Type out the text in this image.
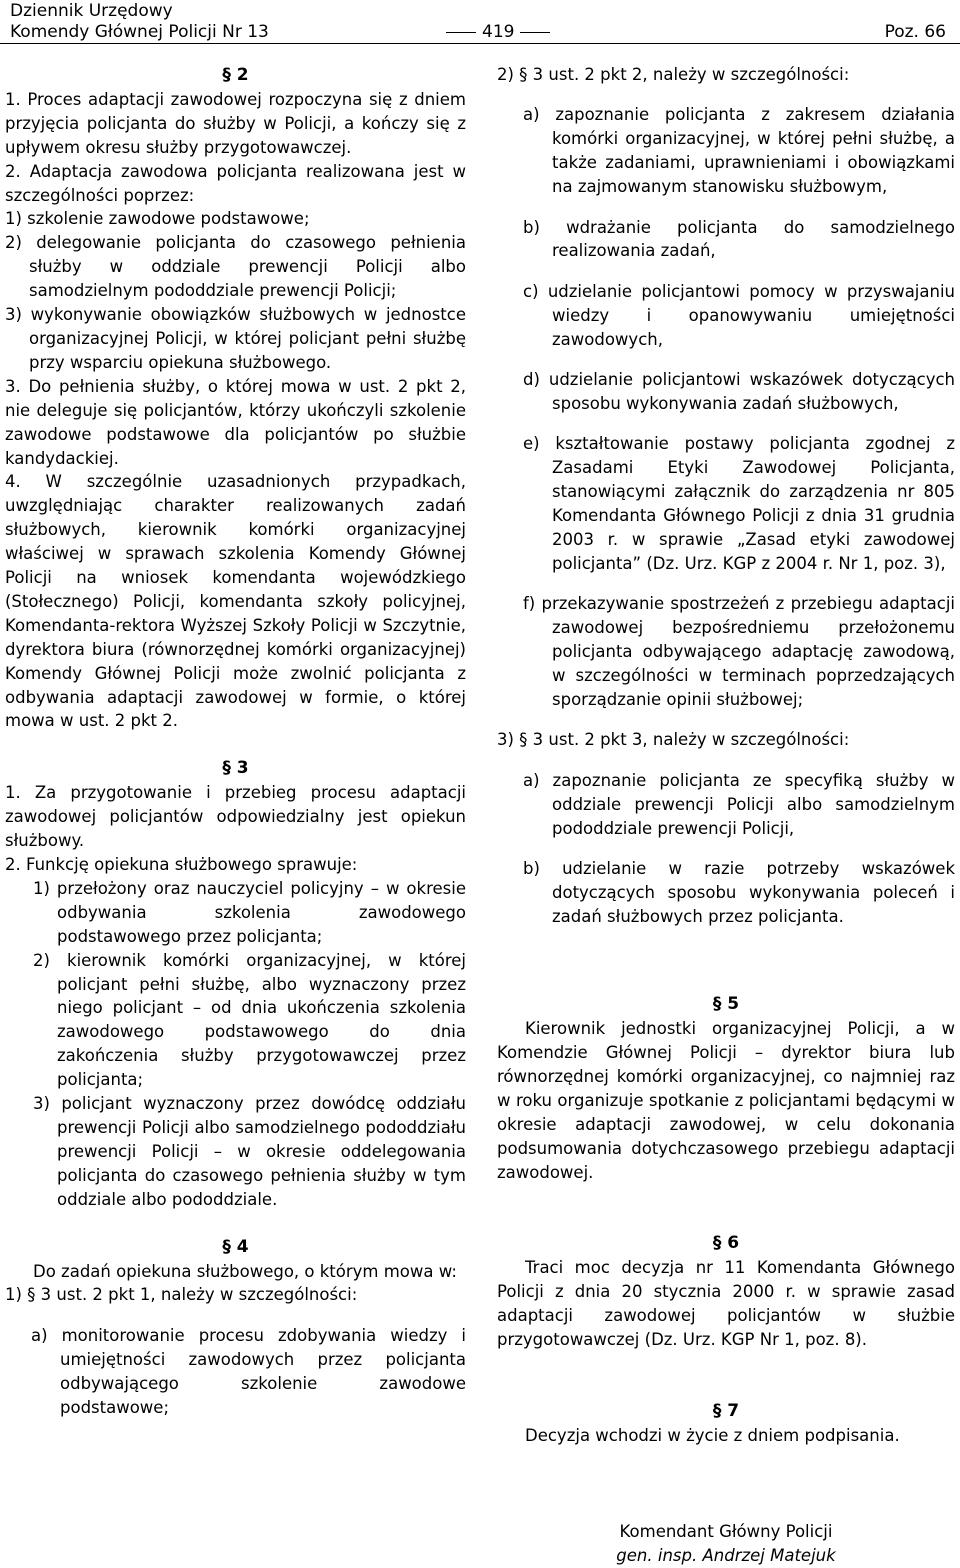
Dziennik Urzędowy
Komendy Głównej Policji Nr 13	419	Poz. 66
§ 2

1. Proces adaptacji zawodowej rozpoczyna się z dniem przyjęcia policjanta do służby w Policji, a kończy się z upływem okresu służby przygotowawczej.

2. Adaptacja zawodowa policjanta realizowana jest w szczególności poprzez:

1) szkolenie zawodowe podstawowe;

2) delegowanie policjanta do czasowego pełnienia służby w oddziale prewencji Policji albo samodzielnym pododdziale prewencji Policji;

3) wykonywanie obowiązków służbowych w jednostce organizacyjnej Policji, w której policjant pełni służbę przy wsparciu opiekuna służbowego.

3. Do pełnienia służby, o której mowa w ust. 2 pkt 2, nie deleguje się policjantów, którzy ukończyli szkolenie zawodowe podstawowe dla policjantów po służbie kandydackiej.

4. W szczególnie uzasadnionych przypadkach, uwzględniając charakter realizowanych zadań służbowych, kierownik komórki organizacyjnej właściwej w sprawach szkolenia Komendy Głównej Policji na wniosek komendanta wojewódzkiego (Stołecznego) Policji, komendanta szkoły policyjnej, Komendanta-rektora Wyższej Szkoły Policji w Szczytnie, dyrektora biura (równorzędnej komórki organizacyjnej) Komendy Głównej Policji może zwolnić policjanta z odbywania adaptacji zawodowej w formie, o której mowa w ust. 2 pkt 2.

§ 3

1. Za przygotowanie i przebieg procesu adaptacji zawodowej policjantów odpowiedzialny jest opiekun służbowy.

2. Funkcję opiekuna służbowego sprawuje:

1) przełożony oraz nauczyciel policyjny – w okresie odbywania szkolenia zawodowego podstawowego przez policjanta;

2) kierownik komórki organizacyjnej, w której policjant pełni służbę, albo wyznaczony przez niego policjant – od dnia ukończenia szkolenia zawodowego podstawowego do dnia zakończenia służby przygotowawczej przez policjanta;

3) policjant wyznaczony przez dowódcę oddziału prewencji Policji albo samodzielnego pododdziału prewencji Policji – w okresie oddelegowania policjanta do czasowego pełnienia służby w tym oddziale albo pododdziale.

§ 4

Do zadań opiekuna służbowego, o którym mowa w:

1) § 3 ust. 2 pkt 1, należy w szczególności:

a) monitorowanie procesu zdobywania wiedzy i umiejętności zawodowych przez policjanta odbywającego szkolenie zawodowe podstawowe;

2) § 3 ust. 2 pkt 2, należy w szczególności:

a) zapoznanie policjanta z zakresem działania komórki organizacyjnej, w której pełni służbę, a także zadaniami, uprawnieniami i obowiązkami na zajmowanym stanowisku służbowym,

b) wdrażanie policjanta do samodzielnego realizowania zadań,

c) udzielanie policjantowi pomocy w przyswajaniu wiedzy i opanowywaniu umiejętności zawodowych,

d) udzielanie policjantowi wskazówek dotyczących sposobu wykonywania zadań służbowych,

e) kształtowanie postawy policjanta zgodnej z Zasadami Etyki Zawodowej Policjanta, stanowiącymi załącznik do zarządzenia nr 805 Komendanta Głównego Policji z dnia 31 grudnia 2003 r. w sprawie „Zasad etyki zawodowej policjanta” (Dz. Urz. KGP z 2004 r. Nr 1, poz. 3),

f) przekazywanie spostrzeżeń z przebiegu adaptacji zawodowej bezpośredniemu przełożonemu policjanta odbywającego adaptację zawodową, w szczególności w terminach poprzedzających sporządzanie opinii służbowej;

3) § 3 ust. 2 pkt 3, należy w szczególności:

a) zapoznanie policjanta ze specyfiką służby w oddziale prewencji Policji albo samodzielnym pododdziale prewencji Policji,

b) udzielanie w razie potrzeby wskazówek dotyczących sposobu wykonywania poleceń i zadań służbowych przez policjanta.

§ 5

Kierownik jednostki organizacyjnej Policji, a w Komendzie Głównej Policji – dyrektor biura lub równorzędnej komórki organizacyjnej, co najmniej raz w roku organizuje spotkanie z policjantami będącymi w okresie adaptacji zawodowej, w celu dokonania podsumowania dotychczasowego przebiegu adaptacji zawodowej.

§ 6

Traci moc decyzja nr 11 Komendanta Głównego Policji z dnia 20 stycznia 2000 r. w sprawie zasad adaptacji zawodowej policjantów w służbie przygotowawczej (Dz. Urz. KGP Nr 1, poz. 8).

§ 7

Decyzja wchodzi w życie z dniem podpisania.

Komendant Główny Policji
gen. insp. Andrzej Matejuk
